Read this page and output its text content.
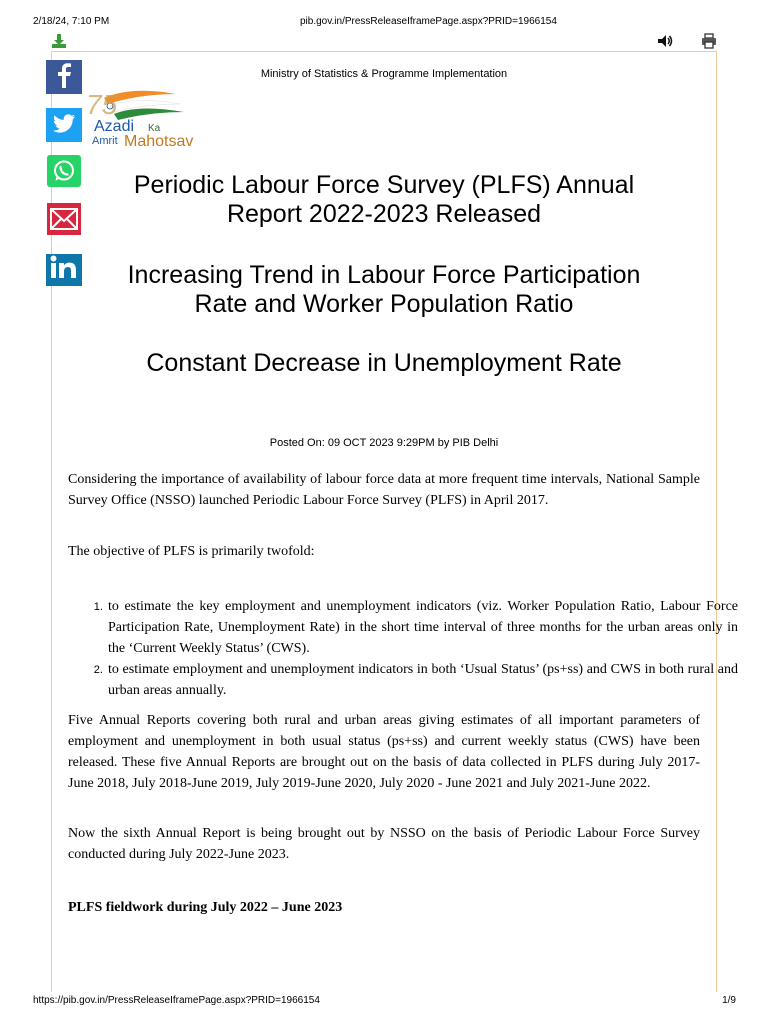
2/18/24, 7:10 PM	pib.gov.in/PressReleaseIframePage.aspx?PRID=1966154
Ministry of Statistics & Programme Implementation
75
Azadi Ka
Amrit Mahotsav
Periodic Labour Force Survey (PLFS) Annual
Report 2022-2023 Released
Increasing Trend in Labour Force Participation
Rate and Worker Population Ratio
Constant Decrease in Unemployment Rate
Posted On: 09 OCT 2023 9:29PM by PIB Delhi

Considering the importance of availability of labour force data at more frequent time intervals, National Sample Survey Office (NSSO) launched Periodic Labour Force Survey (PLFS) in April 2017.

The objective of PLFS is primarily twofold:

1. to estimate the key employment and unemployment indicators (viz. Worker Population Ratio, Labour Force Participation Rate, Unemployment Rate) in the short time interval of three months for the urban areas only in the ‘Current Weekly Status’ (CWS).
2. to estimate employment and unemployment indicators in both ‘Usual Status’ (ps+ss) and CWS in both rural and urban areas annually.

Five Annual Reports covering both rural and urban areas giving estimates of all important parameters of employment and unemployment in both usual status (ps+ss) and current weekly status (CWS) have been released. These five Annual Reports are brought out on the basis of data collected in PLFS during July 2017- June 2018, July 2018-June 2019, July 2019-June 2020, July 2020 - June 2021 and July 2021-June 2022.

Now the sixth Annual Report is being brought out by NSSO on the basis of Periodic Labour Force Survey conducted during July 2022-June 2023.

PLFS fieldwork during July 2022 – June 2023
https://pib.gov.in/PressReleaseIframePage.aspx?PRID=1966154	1/9
